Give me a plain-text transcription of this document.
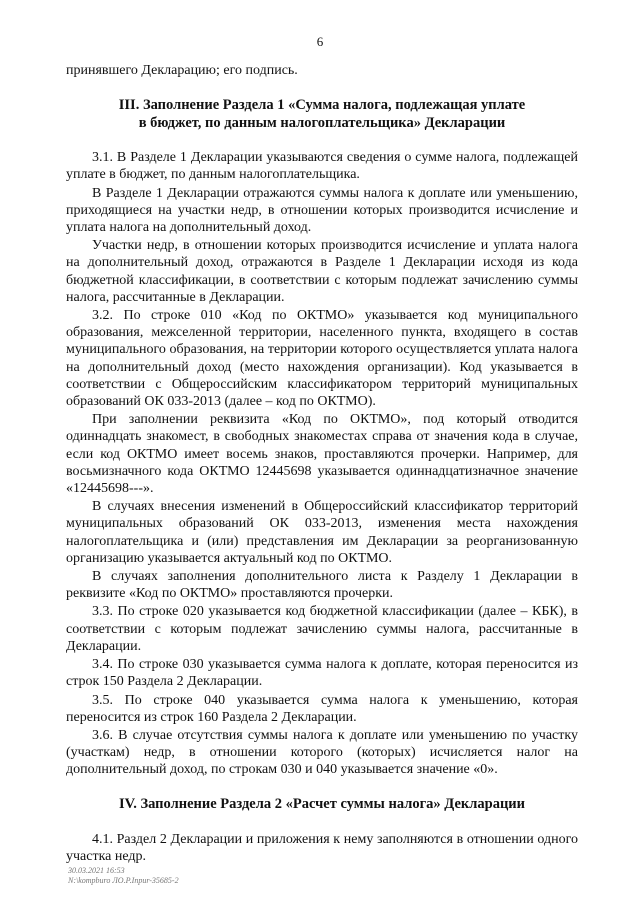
6

принявшего Декларацию; его подпись.

III. Заполнение Раздела 1 «Сумма налога, подлежащая уплате
в бюджет, по данным налогоплательщика» Декларации

3.1. В Разделе 1 Декларации указываются сведения о сумме налога, подлежащей уплате в бюджет, по данным налогоплательщика.

В Разделе 1 Декларации отражаются суммы налога к доплате или уменьшению, приходящиеся на участки недр, в отношении которых производится исчисление и уплата налога на дополнительный доход.

Участки недр, в отношении которых производится исчисление и уплата налога на дополнительный доход, отражаются в Разделе 1 Декларации исходя из кода бюджетной классификации, в соответствии с которым подлежат зачислению суммы налога, рассчитанные в Декларации.

3.2. По строке 010 «Код по ОКТМО» указывается код муниципального образования, межселенной территории, населенного пункта, входящего в состав муниципального образования, на территории которого осуществляется уплата налога на дополнительный доход (место нахождения организации). Код указывается в соответствии с Общероссийским классификатором территорий муниципальных образований ОК 033-2013 (далее – код по ОКТМО).

При заполнении реквизита «Код по ОКТМО», под который отводится одиннадцать знакомест, в свободных знакоместах справа от значения кода в случае, если код ОКТМО имеет восемь знаков, проставляются прочерки. Например, для восьмизначного кода ОКТМО 12445698 указывается одиннадцатизначное значение «12445698---».

В случаях внесения изменений в Общероссийский классификатор территорий муниципальных образований ОК 033-2013, изменения места нахождения налогоплательщика и (или) представления им Декларации за реорганизованную организацию указывается актуальный код по ОКТМО.

В случаях заполнения дополнительного листа к Разделу 1 Декларации в реквизите «Код по ОКТМО» проставляются прочерки.

3.3. По строке 020 указывается код бюджетной классификации (далее – КБК), в соответствии с которым подлежат зачислению суммы налога, рассчитанные в Декларации.

3.4. По строке 030 указывается сумма налога к доплате, которая переносится из строк 150 Раздела 2 Декларации.

3.5. По строке 040 указывается сумма налога к уменьшению, которая переносится из строк 160 Раздела 2 Декларации.

3.6. В случае отсутствия суммы налога к доплате или уменьшению по участку (участкам) недр, в отношении которого (которых) исчисляется налог на дополнительный доход, по строкам 030 и 040 указывается значение «0».

IV. Заполнение Раздела 2 «Расчет суммы налога» Декларации

4.1. Раздел 2 Декларации и приложения к нему заполняются в отношении одного участка недр.

30.03.2021 16:53
N:\kompburo ЛО.Р.Inpur-35685-2
